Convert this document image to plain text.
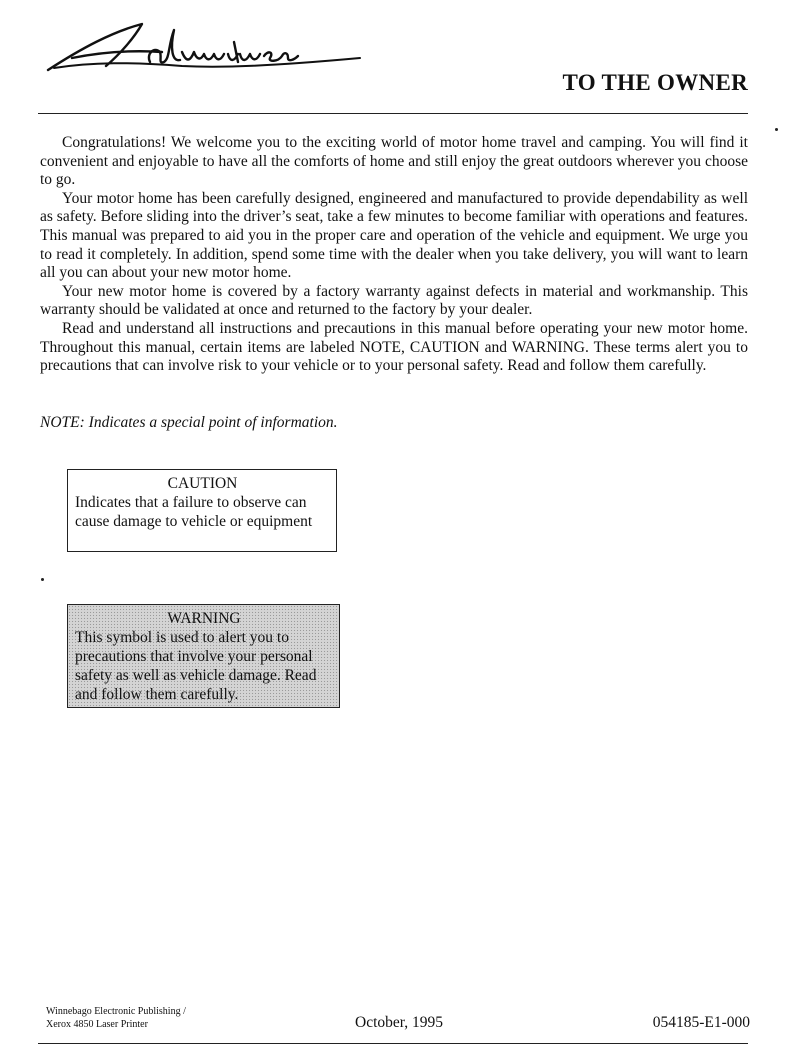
TO THE OWNER

Congratulations! We welcome you to the exciting world of motor home travel and camping. You will find it convenient and enjoyable to have all the comforts of home and still enjoy the great outdoors wherever you choose to go.

Your motor home has been carefully designed, engineered and manufactured to provide dependability as well as safety. Before sliding into the driver’s seat, take a few minutes to become familiar with operations and features. This manual was prepared to aid you in the proper care and operation of the vehicle and equipment. We urge you to read it completely. In addition, spend some time with the dealer when you take delivery, you will want to learn all you can about your new motor home.

Your new motor home is covered by a factory warranty against defects in material and workmanship. This warranty should be validated at once and returned to the factory by your dealer.

Read and understand all instructions and precautions in this manual before operating your new motor home. Throughout this manual, certain items are labeled NOTE, CAUTION and WARNING. These terms alert you to precautions that can involve risk to your vehicle or to your personal safety. Read and follow them carefully.

NOTE: Indicates a special point of information.
CAUTION
Indicates that a failure to observe can cause damage to vehicle or equipment
WARNING
This symbol is used to alert you to precautions that involve your personal safety as well as vehicle damage. Read and follow them carefully.
Winnebago Electronic Publishing /
Xerox 4850 Laser Printer	October, 1995	054185-E1-000
